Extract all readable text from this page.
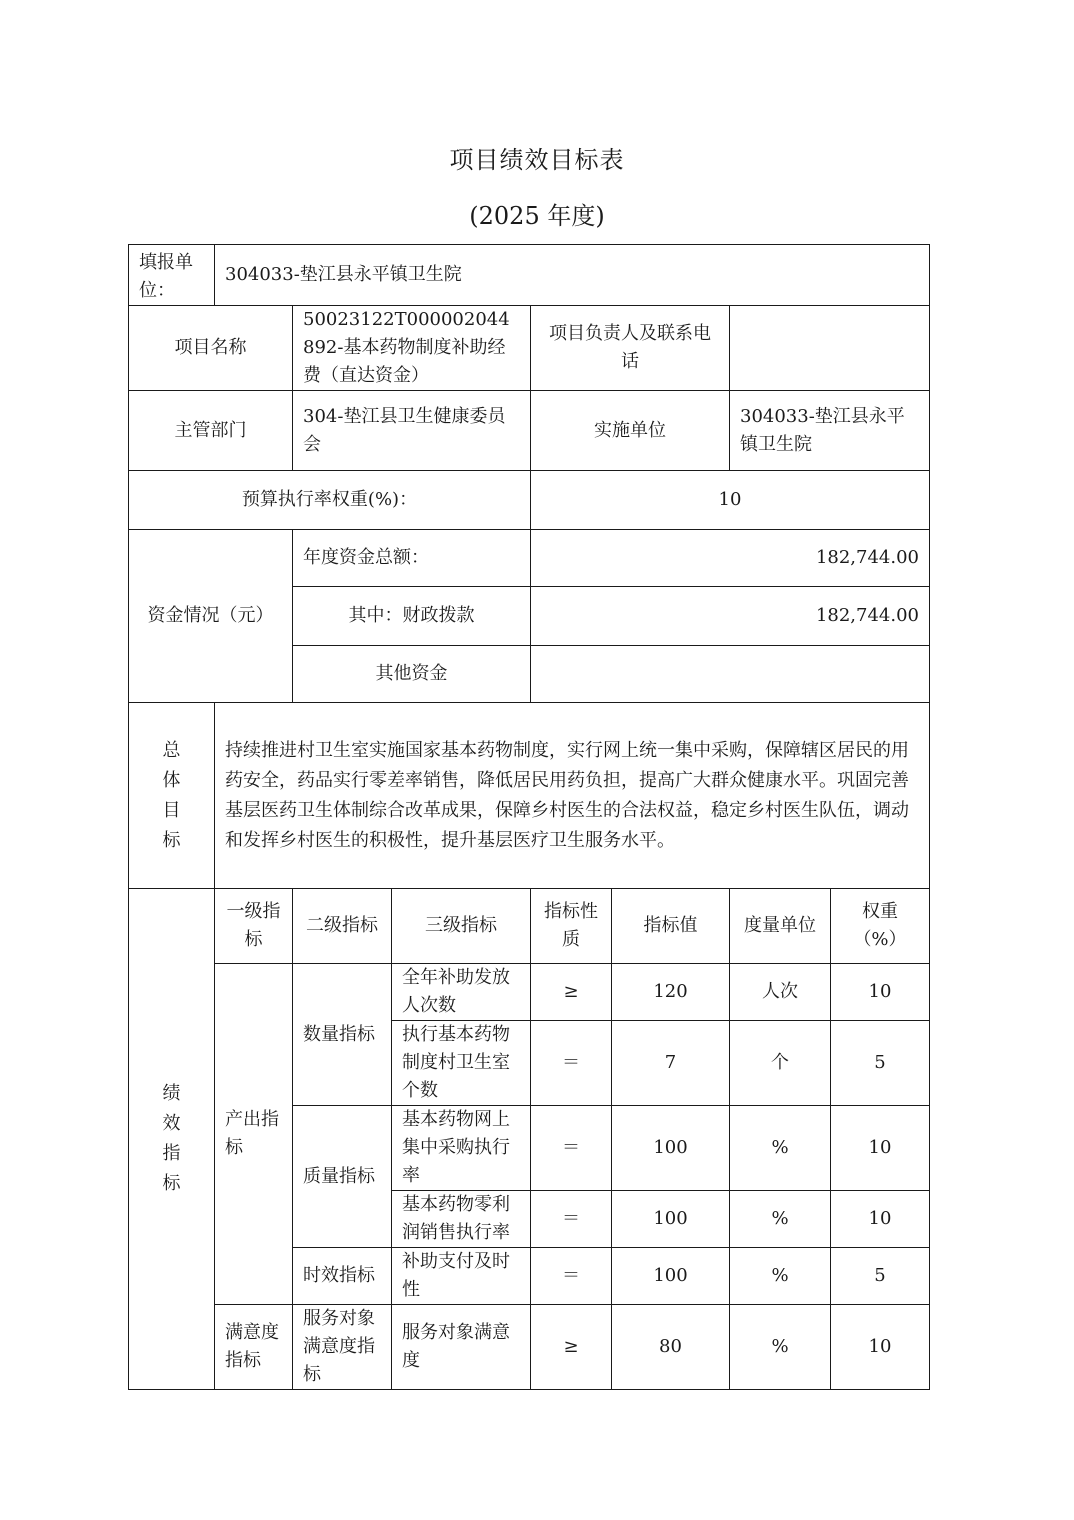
项目绩效目标表
(2025 年度)
填报单位：	304033-垫江县永平镇卫生院						
项目名称		50023122T000002044892-基本药物制度补助经费（直达资金）		项目负责人及联系电话			
主管部门		304-垫江县卫生健康委员会		实施单位		304033-垫江县永平镇卫生院	
预算执行率权重(%)：				10			
资金情况（元）		年度资金总额：		182,744.00			
		其中：财政拨款		182,744.00			
		其他资金					
总体目标	持续推进村卫生室实施国家基本药物制度，实行网上统一集中采购，保障辖区居民的用药安全，药品实行零差率销售，降低居民用药负担，提高广大群众健康水平。巩固完善基层医药卫生体制综合改革成果，保障乡村医生的合法权益，稳定乡村医生队伍，调动和发挥乡村医生的积极性，提升基层医疗卫生服务水平。						
绩效指标	一级指标	二级指标	三级指标	指标性质	指标值	度量单位	权重（%）
	产出指标	数量指标	全年补助发放人次数	≥	120	人次	10
			执行基本药物制度村卫生室个数	＝	7	个	5
		质量指标	基本药物网上集中采购执行率	＝	100	%	10
			基本药物零利润销售执行率	＝	100	%	10
		时效指标	补助支付及时性	＝	100	%	5
	满意度指标	服务对象满意度指标	服务对象满意度	≥	80	%	10
